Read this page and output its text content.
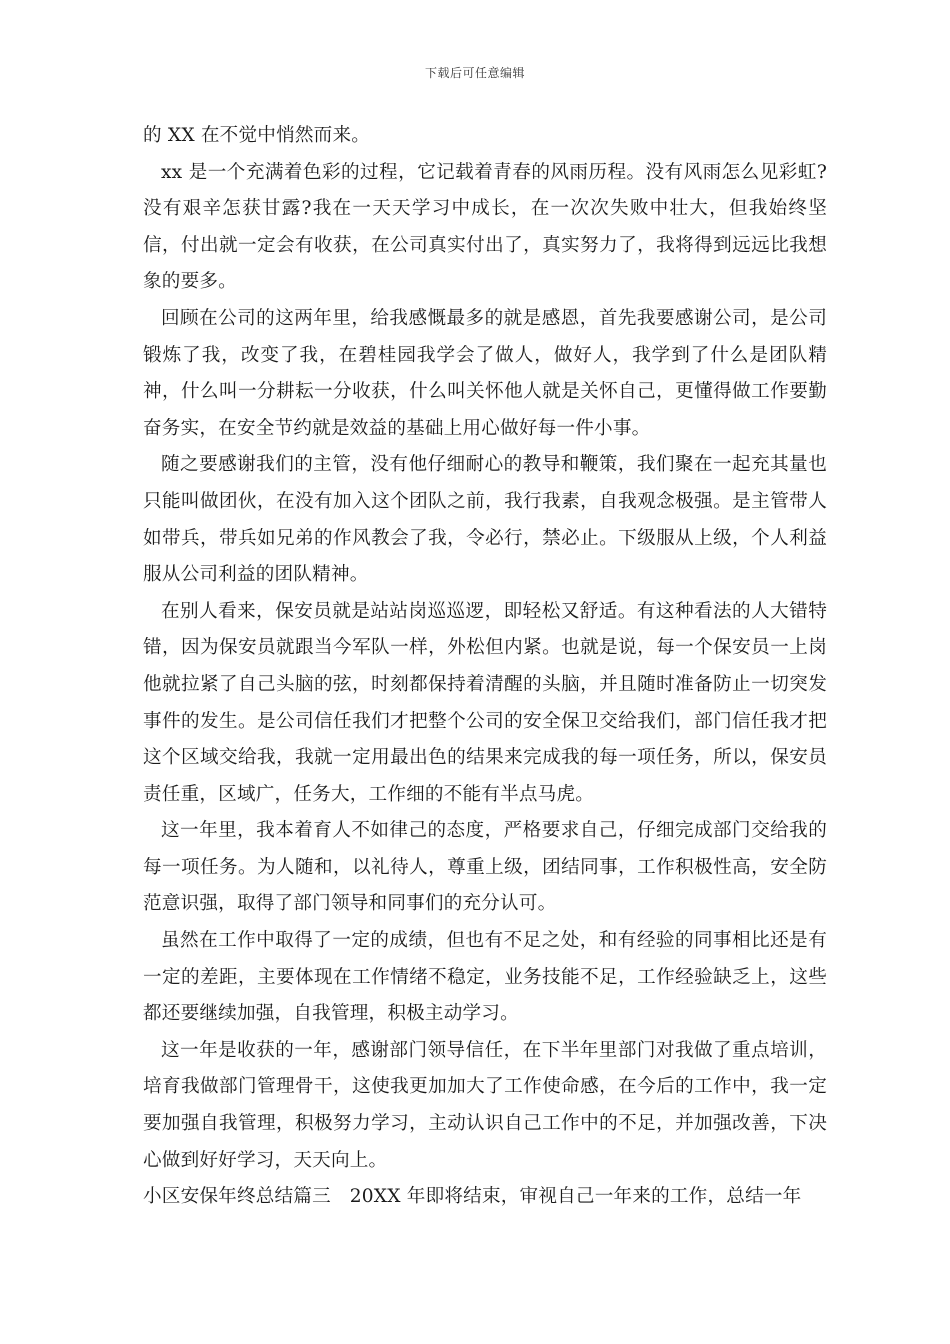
下载后可任意编辑

的 XX 在不觉中悄然而来。

xx 是一个充满着色彩的过程，它记载着青春的风雨历程。没有风雨怎么见彩虹?没有艰辛怎获甘露?我在一天天学习中成长，在一次次失败中壮大，但我始终坚信，付出就一定会有收获，在公司真实付出了，真实努力了，我将得到远远比我想象的要多。

回顾在公司的这两年里，给我感慨最多的就是感恩，首先我要感谢公司，是公司锻炼了我，改变了我，在碧桂园我学会了做人，做好人，我学到了什么是团队精神，什么叫一分耕耘一分收获，什么叫关怀他人就是关怀自己，更懂得做工作要勤奋务实，在安全节约就是效益的基础上用心做好每一件小事。

随之要感谢我们的主管，没有他仔细耐心的教导和鞭策，我们聚在一起充其量也只能叫做团伙，在没有加入这个团队之前，我行我素，自我观念极强。是主管带人如带兵，带兵如兄弟的作风教会了我，令必行，禁必止。下级服从上级，个人利益服从公司利益的团队精神。

在别人看来，保安员就是站站岗巡巡逻，即轻松又舒适。有这种看法的人大错特错，因为保安员就跟当今军队一样，外松但内紧。也就是说，每一个保安员一上岗他就拉紧了自己头脑的弦，时刻都保持着清醒的头脑，并且随时准备防止一切突发事件的发生。是公司信任我们才把整个公司的安全保卫交给我们，部门信任我才把这个区域交给我，我就一定用最出色的结果来完成我的每一项任务，所以，保安员责任重，区域广，任务大，工作细的不能有半点马虎。

这一年里，我本着育人不如律己的态度，严格要求自己，仔细完成部门交给我的每一项任务。为人随和，以礼待人，尊重上级，团结同事，工作积极性高，安全防范意识强，取得了部门领导和同事们的充分认可。

虽然在工作中取得了一定的成绩，但也有不足之处，和有经验的同事相比还是有一定的差距，主要体现在工作情绪不稳定，业务技能不足，工作经验缺乏上，这些都还要继续加强，自我管理，积极主动学习。

这一年是收获的一年，感谢部门领导信任，在下半年里部门对我做了重点培训，培育我做部门管理骨干，这使我更加加大了工作使命感，在今后的工作中，我一定要加强自我管理，积极努力学习，主动认识自己工作中的不足，并加强改善，下决心做到好好学习，天天向上。

小区安保年终总结篇三　20XX 年即将结束，审视自己一年来的工作，总结一年
